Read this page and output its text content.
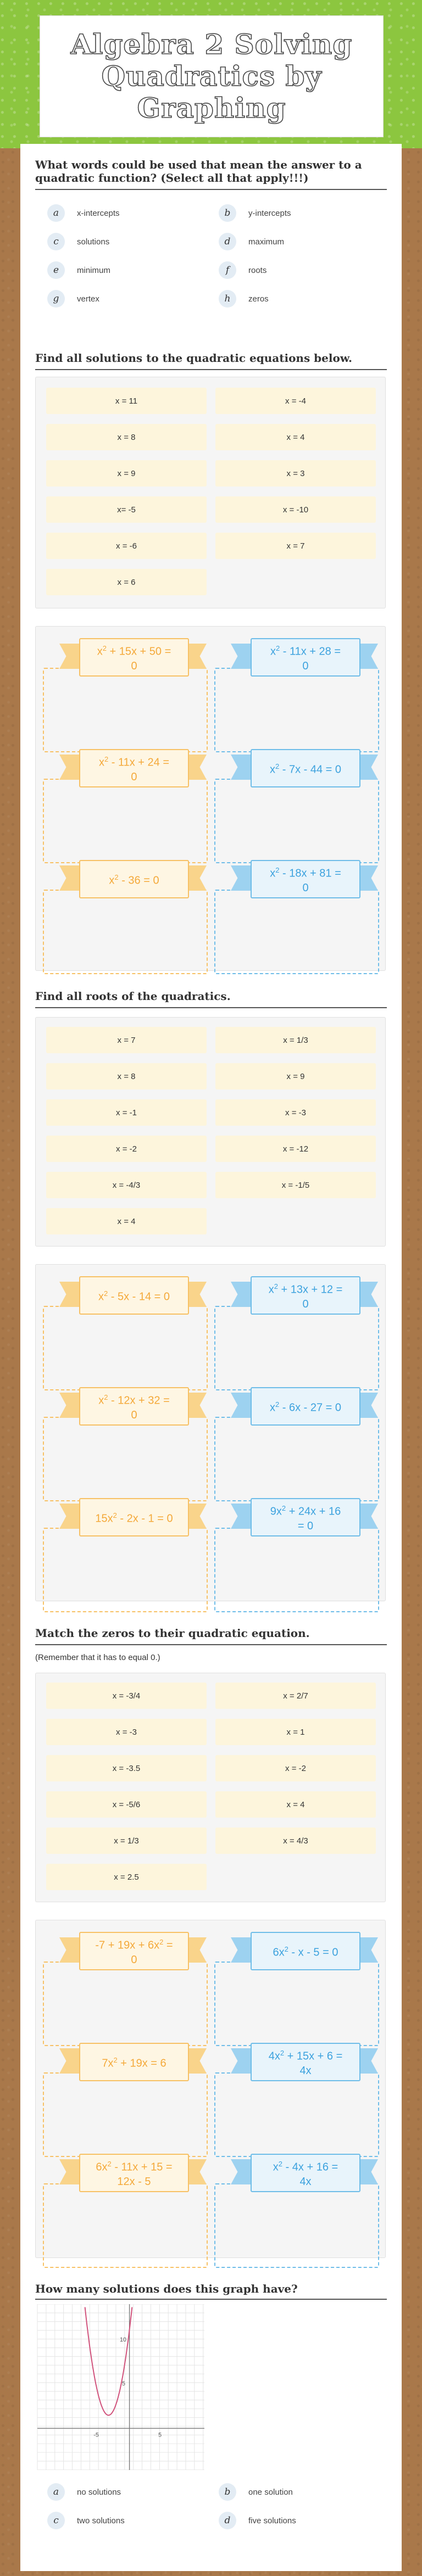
Algebra 2 Solving Quadratics by Graphing
What words could be used that mean the answer to a quadratic function? (Select all that apply!!!)
a	x-intercepts	b	y-intercepts
c	solutions	d	maximum
e	minimum	f	roots
g	vertex	h	zeros
Find all solutions to the quadratic equations below.
x = 11	x = -4
x = 8	x = 4
x = 9	x = 3
x= -5	x = -10
x = -6	x = 7
x = 6
$x^2 + 15x + 50$ =
0
$x^2 - 11x + 28$ =
0
$x^2 - 11x + 24$ =
0
$x^2 - 7x - 44 = 0$
$x^2 - 36 = 0$
$x^2 - 18x + 81$ =
0
Find all roots of the quadratics.
x = 7	x = 1/3
x = 8	x = 9
x = -1	x = -3
x = -2	x = -12
x = -4/3	x = -1/5
x = 4
$x^2 - 5x - 14 = 0$
$x^2 + 13x + 12$ =
0
$x^2 - 12x + 32$ =
0
$x^2 - 6x - 27 = 0$
$15x^2 - 2x - 1 = 0$
$9x^2 + 24x + 16$
= 0
Match the zeros to their quadratic equation.
(Remember that it has to equal 0.)
x = -3/4	x = 2/7
x = -3	x = 1
x = -3.5	x = -2
x = -5/6	x = 4
x = 1/3	x = 4/3
x = 2.5
$-7 + 19x + 6x^2$ =
0
$6x^2 - x - 5 = 0$
$7x^2 + 19x = 6$
$4x^2 + 15x + 6$ =
4x
$6x^2 - 11x + 15$ =
12x - 5
$x^2 - 4x + 16$ =
4x
How many solutions does this graph have?
-5	5
10
5
a	no solutions	b	one solution
c	two solutions	d	five solutions
